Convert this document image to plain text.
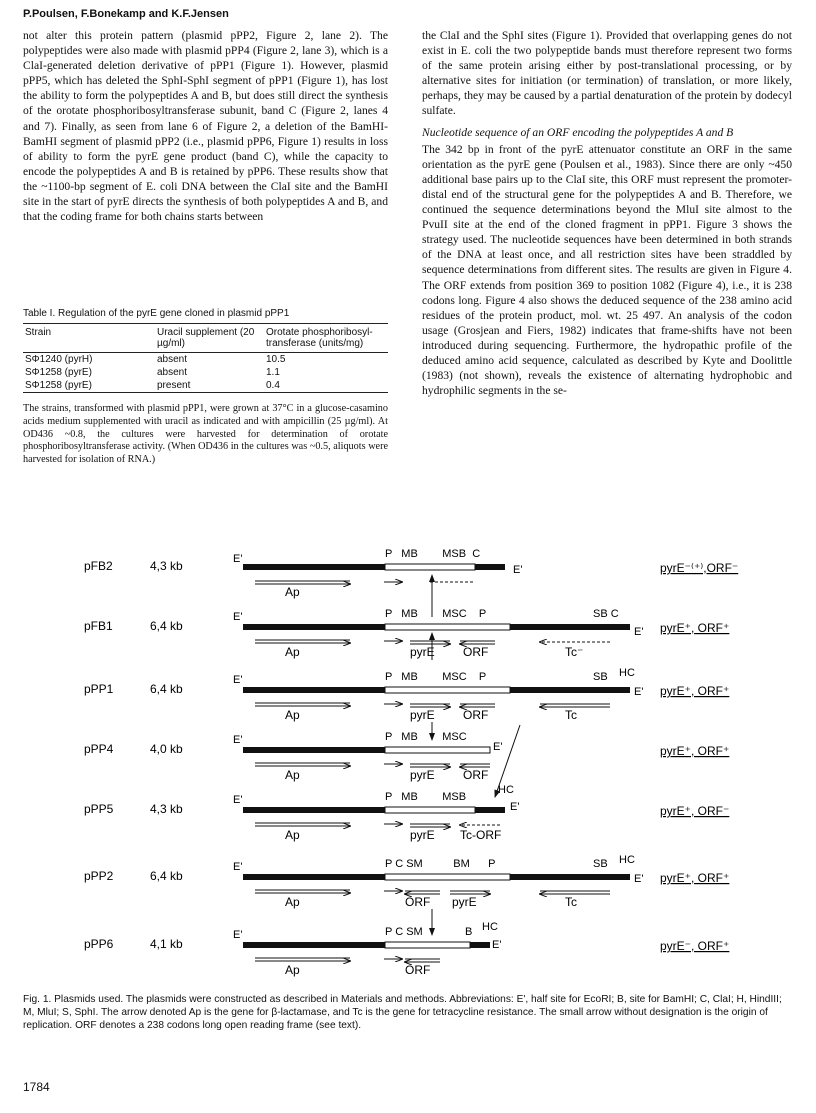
P.Poulsen, F.Bonekamp and K.F.Jensen

not alter this protein pattern (plasmid pPP2, Figure 2, lane 2). The polypeptides were also made with plasmid pPP4 (Figure 2, lane 3), which is a ClaI-generated deletion derivative of pPP1 (Figure 1). However, plasmid pPP5, which has deleted the SphI-SphI segment of pPP1 (Figure 1), has lost the ability to form the polypeptides A and B, but does still direct the synthesis of the orotate phosphoribosyltransferase subunit, band C (Figure 2, lanes 4 and 7). Finally, as seen from lane 6 of Figure 2, a deletion of the BamHI-BamHI segment of plasmid pPP2 (i.e., plasmid pPP6, Figure 1) results in loss of ability to form the pyrE gene product (band C), while the capacity to encode the polypeptides A and B is retained by pPP6. These results show that the ~1100-bp segment of E. coli DNA between the ClaI site and the BamHI site in the start of pyrE directs the synthesis of both polypeptides A and B, and that the coding frame for both chains starts between

Table I. Regulation of the pyrE gene cloned in plasmid pPP1
Strain	Uracil supplement (20 µg/ml)	Orotate phosphoribosyl-transferase (units/mg)
SΦ1240 (pyrH)	absent	10.5
SΦ1258 (pyrE)	absent	1.1
SΦ1258 (pyrE)	present	0.4
The strains, transformed with plasmid pPP1, were grown at 37°C in a glucose-casamino acids medium supplemented with uracil as indicated and with ampicillin (25 µg/ml). At OD436 ~0.8, the cultures were harvested for determination of orotate phosphoribosyltransferase activity. (When OD436 in the cultures was ~0.5, aliquots were harvested for isolation of RNA.)

the ClaI and the SphI sites (Figure 1). Provided that overlapping genes do not exist in E. coli the two polypeptide bands must therefore represent two forms of the same protein arising either by post-translational processing, or by alternative sites for initiation (or termination) of translation, or more likely, perhaps, they may be caused by a partial denaturation of the protein by dodecyl sulfate.

Nucleotide sequence of an ORF encoding the polypeptides A and B

The 342 bp in front of the pyrE attenuator constitute an ORF in the same orientation as the pyrE gene (Poulsen et al., 1983). Since there are only ~450 additional base pairs up to the ClaI site, this ORF must represent the promoter-distal end of the structural gene for the polypeptides A and B. Therefore, we continued the sequence determinations beyond the MluI site almost to the PvuII site at the end of the cloned fragment in pPP1. Figure 3 shows the strategy used. The nucleotide sequences have been determined in both strands of the DNA at least once, and all restriction sites have been straddled by sequence determinations from different sites. The results are given in Figure 4. The ORF extends from position 369 to position 1082 (Figure 4), i.e., it is 238 codons long. Figure 4 also shows the deduced sequence of the 238 amino acid residues of the protein product, mol. wt. 25 497. An analysis of the codon usage (Grosjean and Fiers, 1982) indicates that frame-shifts have not been introduced during sequencing. Furthermore, the hydropathic profile of the deduced amino acid sequence, calculated as described by Kyte and Doolittle (1983) (not shown), reveals the existence of alternating hydrophobic and hydrophilic segments in the se-

pFB2	4,3 kb	E'	P   MB        MSB  C
E'
Ap
pyrE⁻⁽⁺⁾,ORF⁻
pFB1	6,4 kb
E'	P   MB        MSC    P	SB C
E'
Ap	pyrE ORF	Tc⁻
pyrE⁺, ORF⁺
pPP1	6,4 kb
E'	P   MB        MSC    P	SB HC
E'
Ap	pyrE ORF	Tc
pyrE⁺, ORF⁺
pPP4	4,0 kb
E'	P   MB        MSC
E'
Ap	pyrE ORF
pyrE⁺, ORF⁺
pPP5	4,3 kb
E'	P   MB        MSB
HC
E'
Ap	pyrE Tc-ORF
pyrE⁺, ORF⁻
pPP2	6,4 kb
E'	P C SM          BM      P	SB HC
E'
Ap	ORF pyrE	Tc
pyrE⁺, ORF⁺
pPP6	4,1 kb
E'	P C SM	B HC
E'
Ap	ORF
pyrE⁻, ORF⁺
Fig. 1. Plasmids used. The plasmids were constructed as described in Materials and methods. Abbreviations: E', half site for EcoRI; B, site for BamHI; C, ClaI; H, HindIII; M, MluI; S, SphI. The arrow denoted Ap is the gene for β-lactamase, and Tc is the gene for tetracycline resistance. The small arrow without designation is the origin of replication. ORF denotes a 238 codons long open reading frame (see text).
1784
